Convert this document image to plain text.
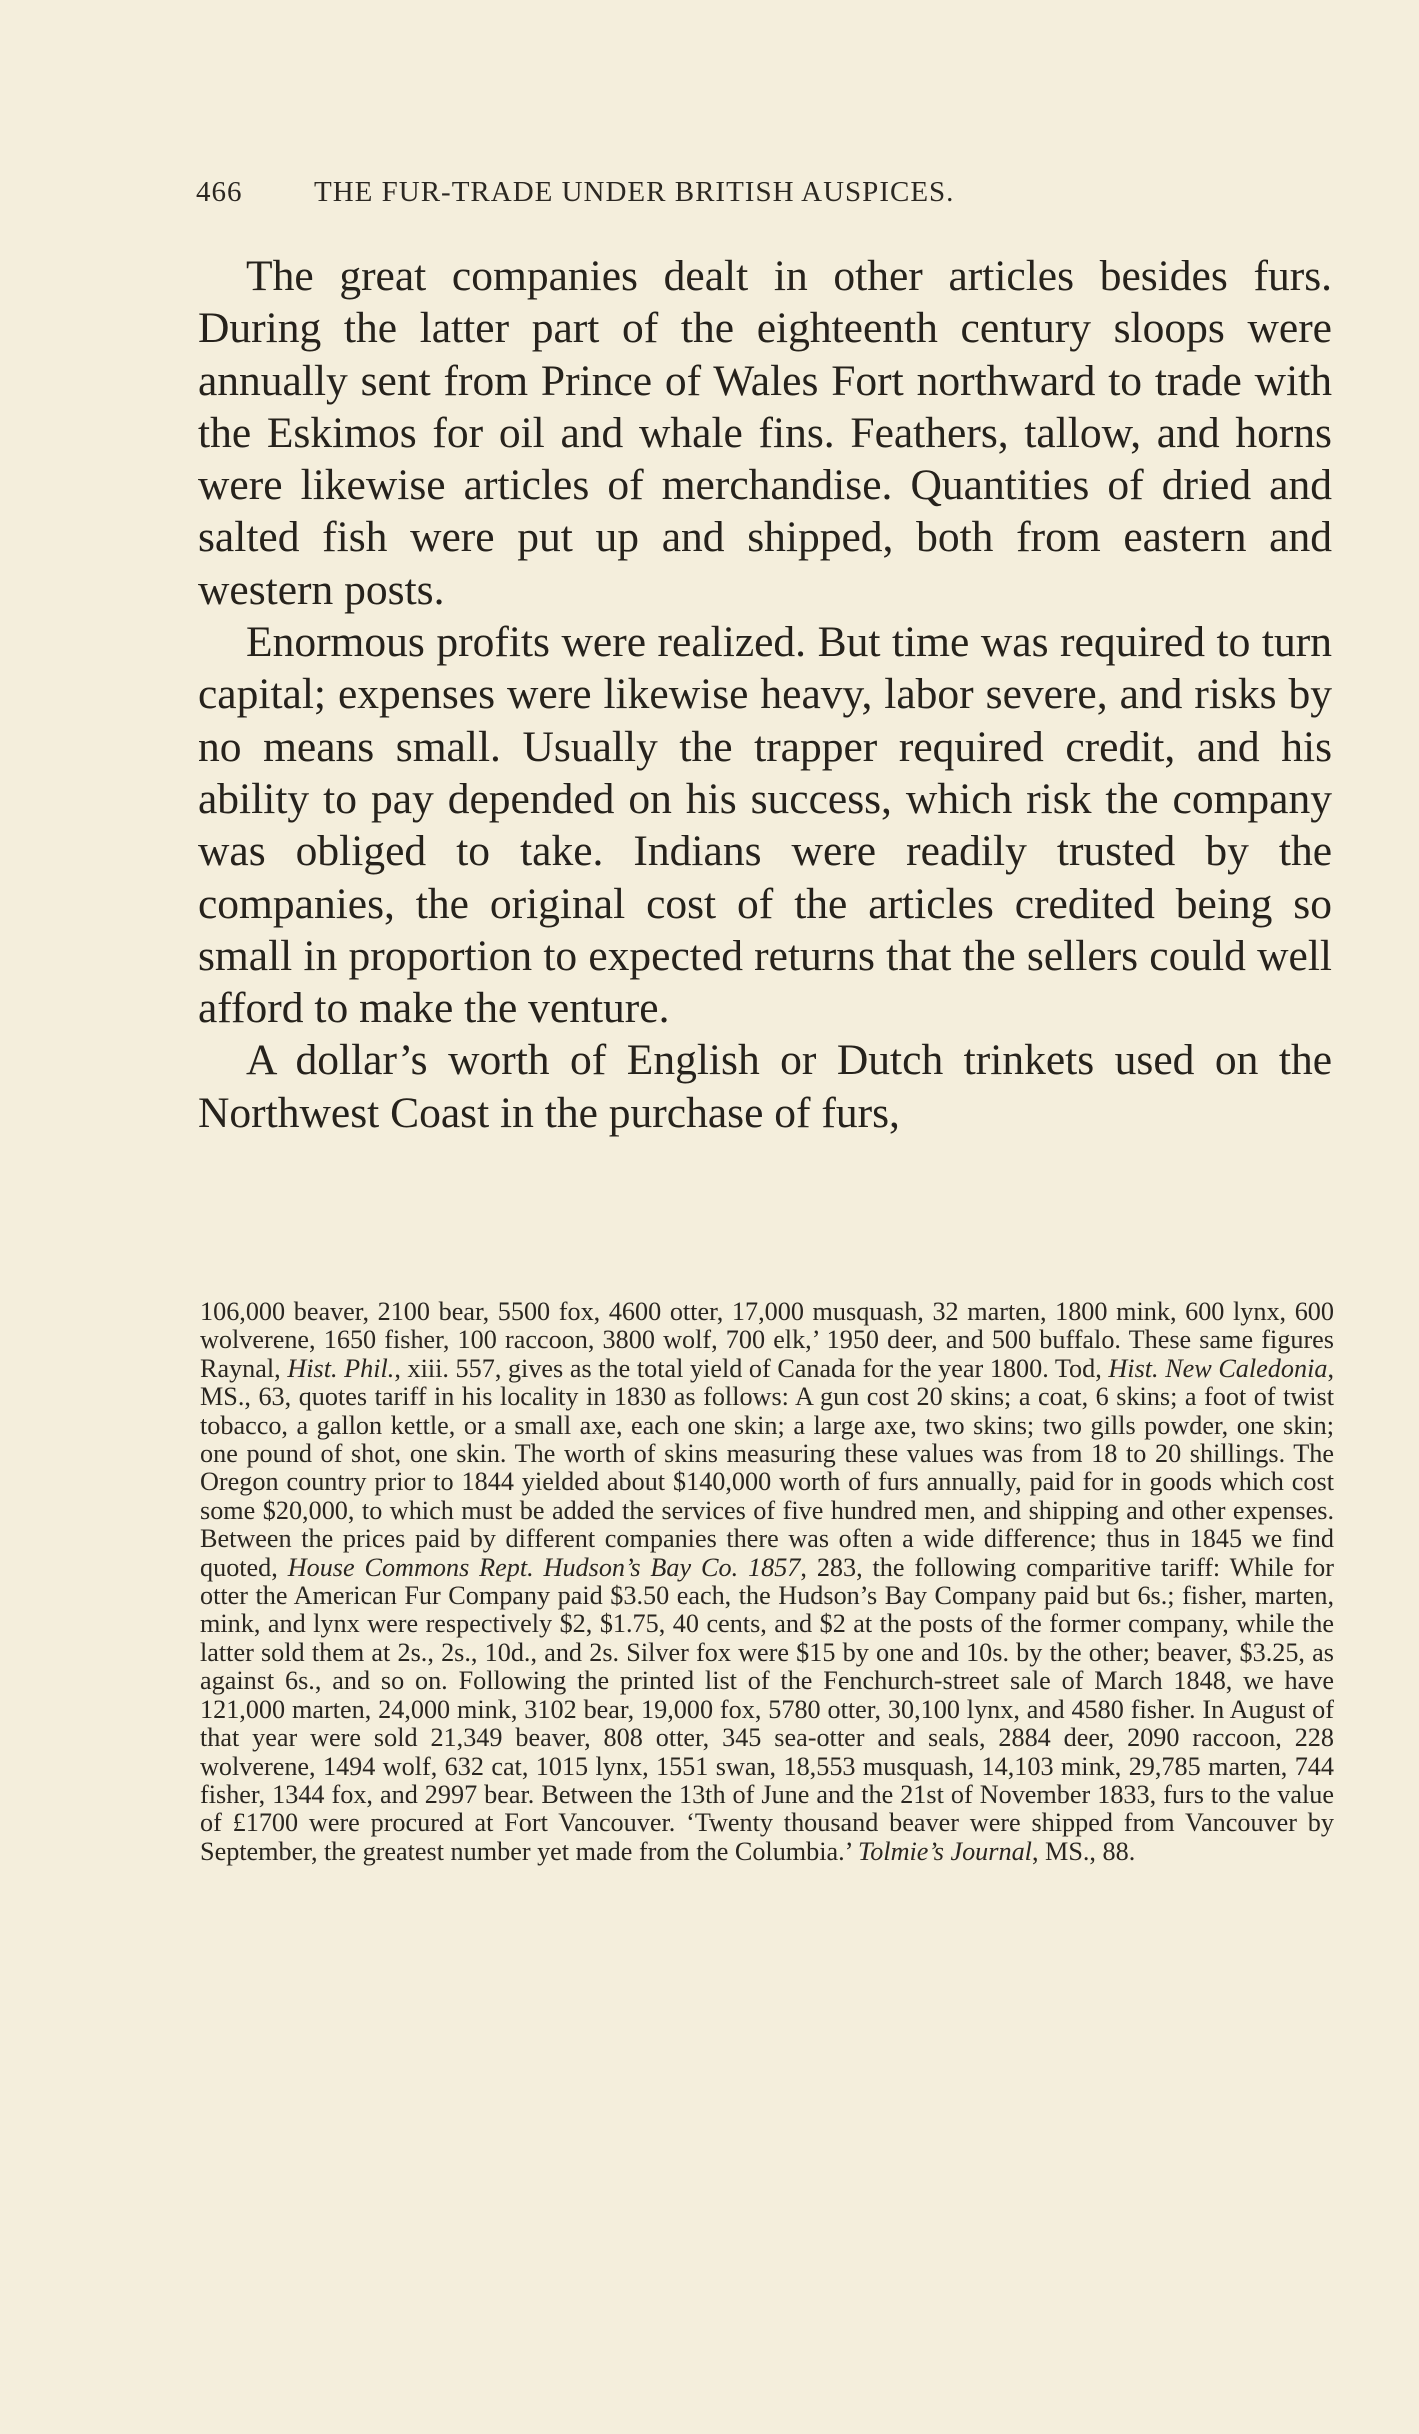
466 THE FUR-TRADE UNDER BRITISH AUSPICES.

The great companies dealt in other articles besides furs. During the latter part of the eighteenth century sloops were annually sent from Prince of Wales Fort northward to trade with the Eskimos for oil and whale fins. Feathers, tallow, and horns were likewise articles of merchandise. Quantities of dried and salted fish were put up and shipped, both from eastern and western posts.

Enormous profits were realized. But time was required to turn capital; expenses were likewise heavy, labor severe, and risks by no means small. Usually the trapper required credit, and his ability to pay depended on his success, which risk the company was obliged to take. Indians were readily trusted by the companies, the original cost of the articles credited being so small in proportion to expected returns that the sellers could well afford to make the venture.

A dollar’s worth of English or Dutch trinkets used on the Northwest Coast in the purchase of furs,

106,000 beaver, 2100 bear, 5500 fox, 4600 otter, 17,000 musquash, 32 marten, 1800 mink, 600 lynx, 600 wolverene, 1650 fisher, 100 raccoon, 3800 wolf, 700 elk,’ 1950 deer, and 500 buffalo. These same figures Raynal, Hist. Phil., xiii. 557, gives as the total yield of Canada for the year 1800. Tod, Hist. New Caledonia, MS., 63, quotes tariff in his locality in 1830 as follows: A gun cost 20 skins; a coat, 6 skins; a foot of twist tobacco, a gallon kettle, or a small axe, each one skin; a large axe, two skins; two gills powder, one skin; one pound of shot, one skin. The worth of skins measuring these values was from 18 to 20 shillings. The Oregon country prior to 1844 yielded about $140,000 worth of furs annually, paid for in goods which cost some $20,000, to which must be added the services of five hundred men, and shipping and other expenses. Between the prices paid by different companies there was often a wide difference; thus in 1845 we find quoted, House Commons Rept. Hudson’s Bay Co. 1857, 283, the following comparitive tariff: While for otter the American Fur Company paid $3.50 each, the Hudson’s Bay Company paid but 6s.; fisher, marten, mink, and lynx were respectively $2, $1.75, 40 cents, and $2 at the posts of the former company, while the latter sold them at 2s., 2s., 10d., and 2s. Silver fox were $15 by one and 10s. by the other; beaver, $3.25, as against 6s., and so on. Following the printed list of the Fenchurch-street sale of March 1848, we have 121,000 marten, 24,000 mink, 3102 bear, 19,000 fox, 5780 otter, 30,100 lynx, and 4580 fisher. In August of that year were sold 21,349 beaver, 808 otter, 345 sea-otter and seals, 2884 deer, 2090 raccoon, 228 wolverene, 1494 wolf, 632 cat, 1015 lynx, 1551 swan, 18,553 musquash, 14,103 mink, 29,785 marten, 744 fisher, 1344 fox, and 2997 bear. Between the 13th of June and the 21st of November 1833, furs to the value of £1700 were procured at Fort Vancouver. ‘Twenty thousand beaver were shipped from Vancouver by September, the greatest number yet made from the Columbia.’ Tolmie’s Journal, MS., 88.
